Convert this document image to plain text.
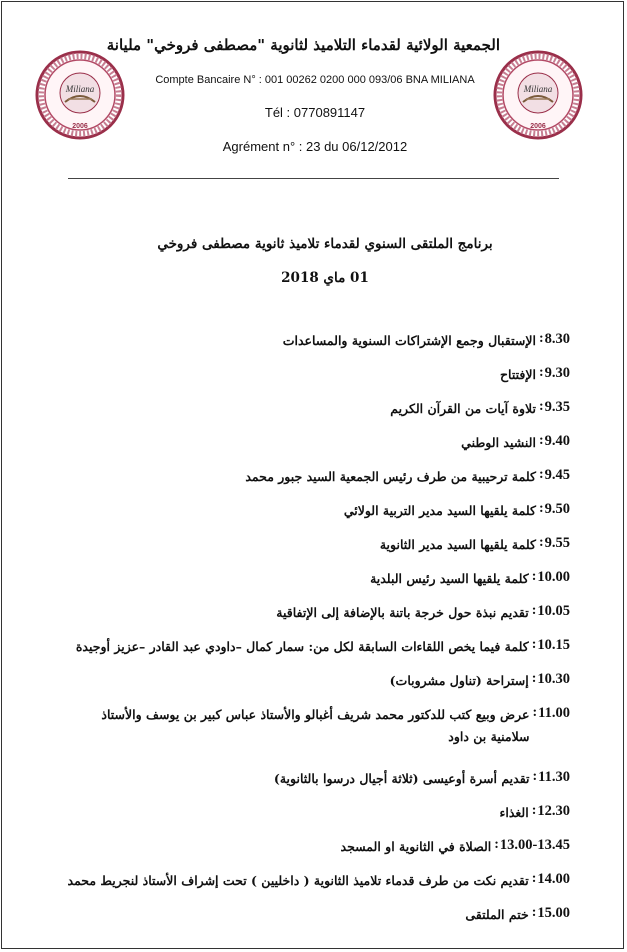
Miliana
2006
Miliana
2006
الجمعية الولائية لقدماء التلاميذ لثانوية "مصطفى فروخي" مليانة
Compte Bancaire N° : 001 00262 0200 000 093/06 BNA MILIANA
Tél : 0770891147
Agrément n° : 23 du 06/12/2012
برنامج الملتقى السنوي لقدماء تلاميذ ثانوية مصطفى فروخي
01 ماي 2018
8.30
:
الإستقبال وجمع الإشتراكات السنوية والمساعدات
9.30
:
الإفتتاح
9.35
:
تلاوة آيات من القرآن الكريم
9.40
:
النشيد الوطني
9.45
:
كلمة ترحيبية من طرف رئيس الجمعية السيد جبور محمد
9.50
:
كلمة يلقيها السيد مدير التربية الولائي
9.55
:
كلمة يلقيها السيد مدير الثانوية
10.00
:
كلمة يلقيها السيد رئيس البلدية
10.05
:
تقديم نبذة حول خرجة باتنة بالإضافة إلى الإتفاقية
10.15
:
كلمة فيما يخص اللقاءات السابقة لكل من: سمار كمال –داودي عبد القادر –عزيز أوجيدة
10.30
:
إستراحة (تناول مشروبات)
11.00
:
عرض وبيع كتب للدكتور محمد شريف أغبالو والأستاذ عباس كبير بن يوسف والأستاذ سلامنية بن داود
11.30
:
تقديم أسرة أوعيسى (ثلاثة أجيال درسوا بالثانوية)
12.30
:
الغذاء
13.00-13.45
:
الصلاة في الثانوية او المسجد
14.00
:
تقديم نكت من طرف قدماء تلاميذ الثانوية ( داخليين ) تحت إشراف الأستاذ لنجريط محمد
15.00
:
ختم الملتقى
